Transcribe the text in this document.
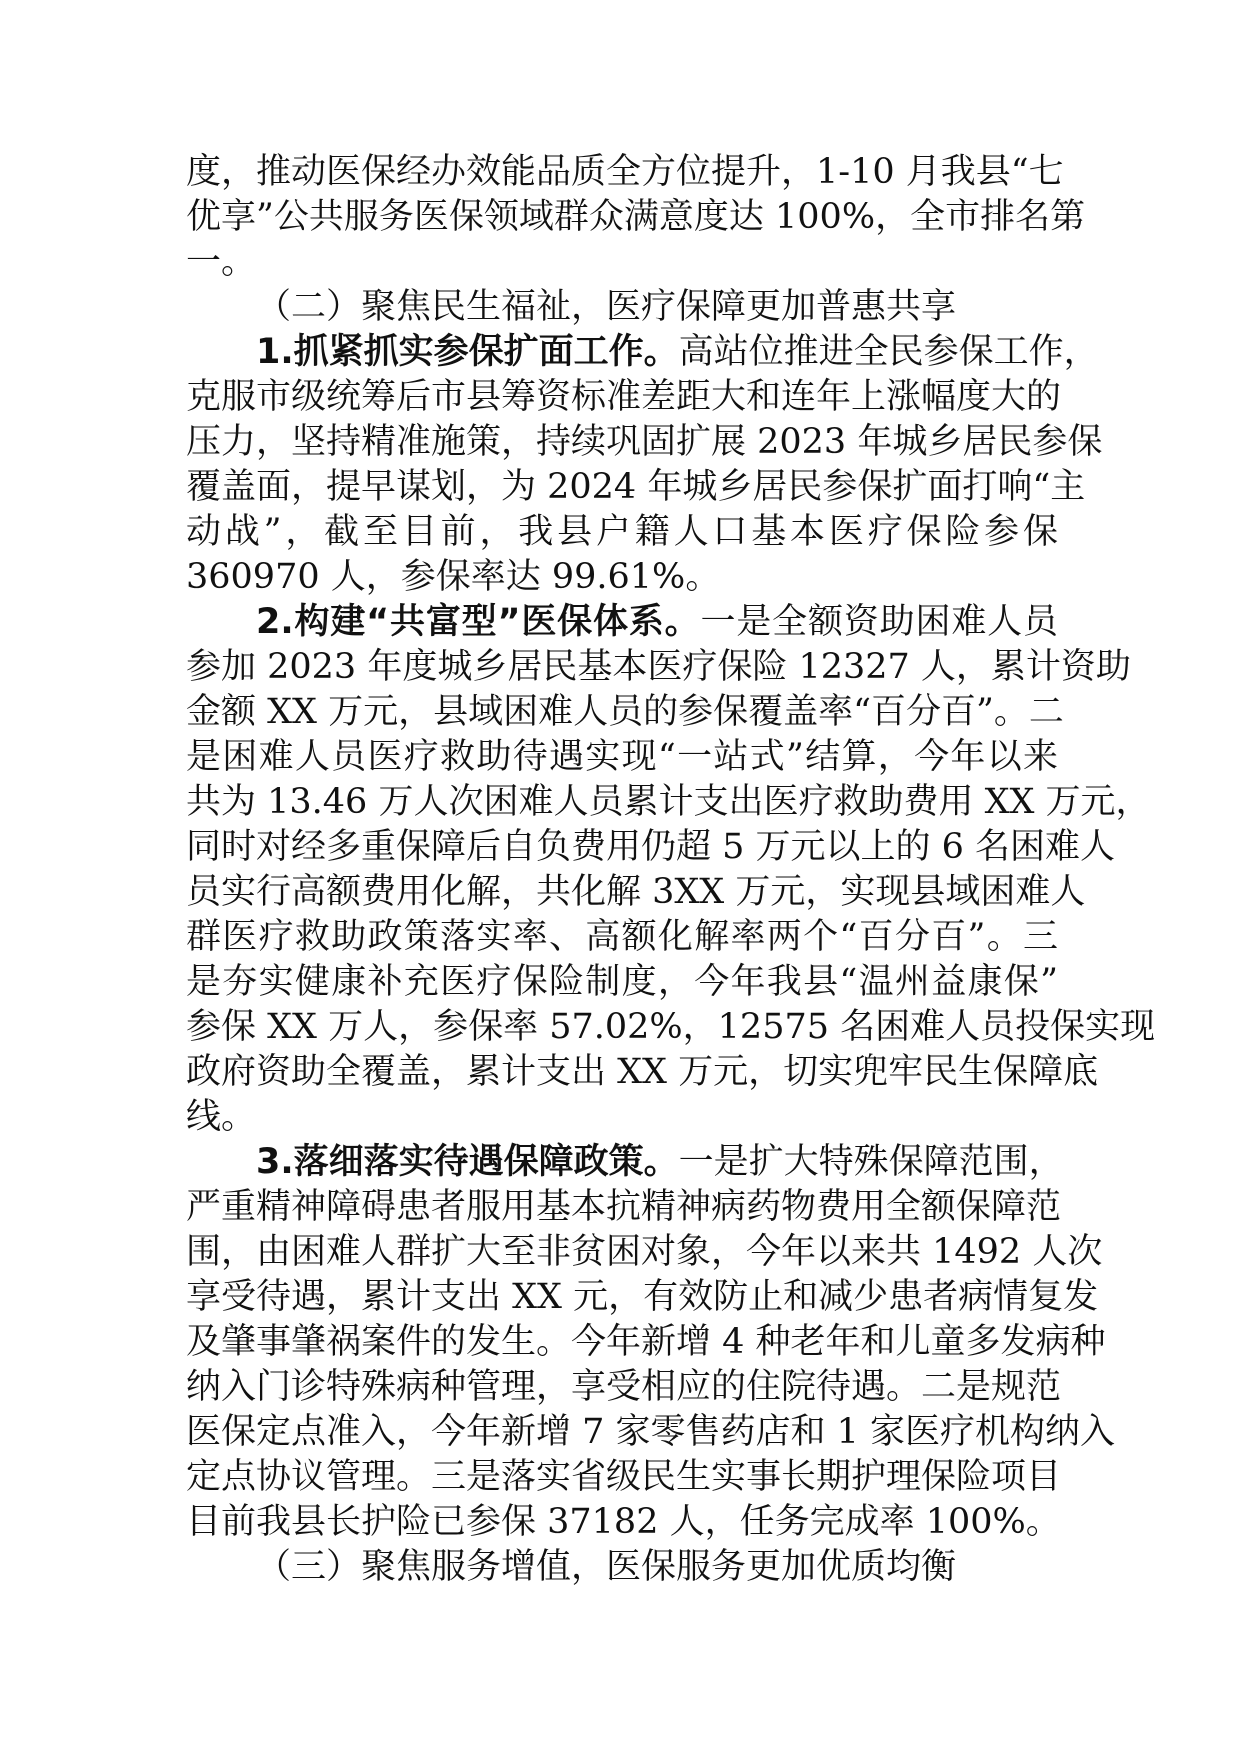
度，推动医保经办效能品质全方位提升，1-10 月我县“七
优享”公共服务医保领域群众满意度达 100%，全市排名第
一。
（二）聚焦民生福祉，医疗保障更加普惠共享
1.抓紧抓实参保扩面工作。高站位推进全民参保工作，
克服市级统筹后市县筹资标准差距大和连年上涨幅度大的
压力，坚持精准施策，持续巩固扩展 2023 年城乡居民参保
覆盖面，提早谋划，为 2024 年城乡居民参保扩面打响“主
动战”，截至目前，我县户籍人口基本医疗保险参保
360970 人，参保率达 99.61%。
2.构建“共富型”医保体系。一是全额资助困难人员
参加 2023 年度城乡居民基本医疗保险 12327 人，累计资助
金额 XX 万元，县域困难人员的参保覆盖率“百分百”。二
是困难人员医疗救助待遇实现“一站式”结算，今年以来
共为 13.46 万人次困难人员累计支出医疗救助费用 XX 万元，
同时对经多重保障后自负费用仍超 5 万元以上的 6 名困难人
员实行高额费用化解，共化解 3XX 万元，实现县域困难人
群医疗救助政策落实率、高额化解率两个“百分百”。三
是夯实健康补充医疗保险制度，今年我县“温州益康保”
参保 XX 万人，参保率 57.02%，12575 名困难人员投保实现
政府资助全覆盖，累计支出 XX 万元，切实兜牢民生保障底
线。
3.落细落实待遇保障政策。一是扩大特殊保障范围，
严重精神障碍患者服用基本抗精神病药物费用全额保障范
围，由困难人群扩大至非贫困对象，今年以来共 1492 人次
享受待遇，累计支出 XX 元，有效防止和减少患者病情复发
及肇事肇祸案件的发生。今年新增 4 种老年和儿童多发病种
纳入门诊特殊病种管理，享受相应的住院待遇。二是规范
医保定点准入，今年新增 7 家零售药店和 1 家医疗机构纳入
定点协议管理。三是落实省级民生实事长期护理保险项目
目前我县长护险已参保 37182 人，任务完成率 100%。
（三）聚焦服务增值，医保服务更加优质均衡
